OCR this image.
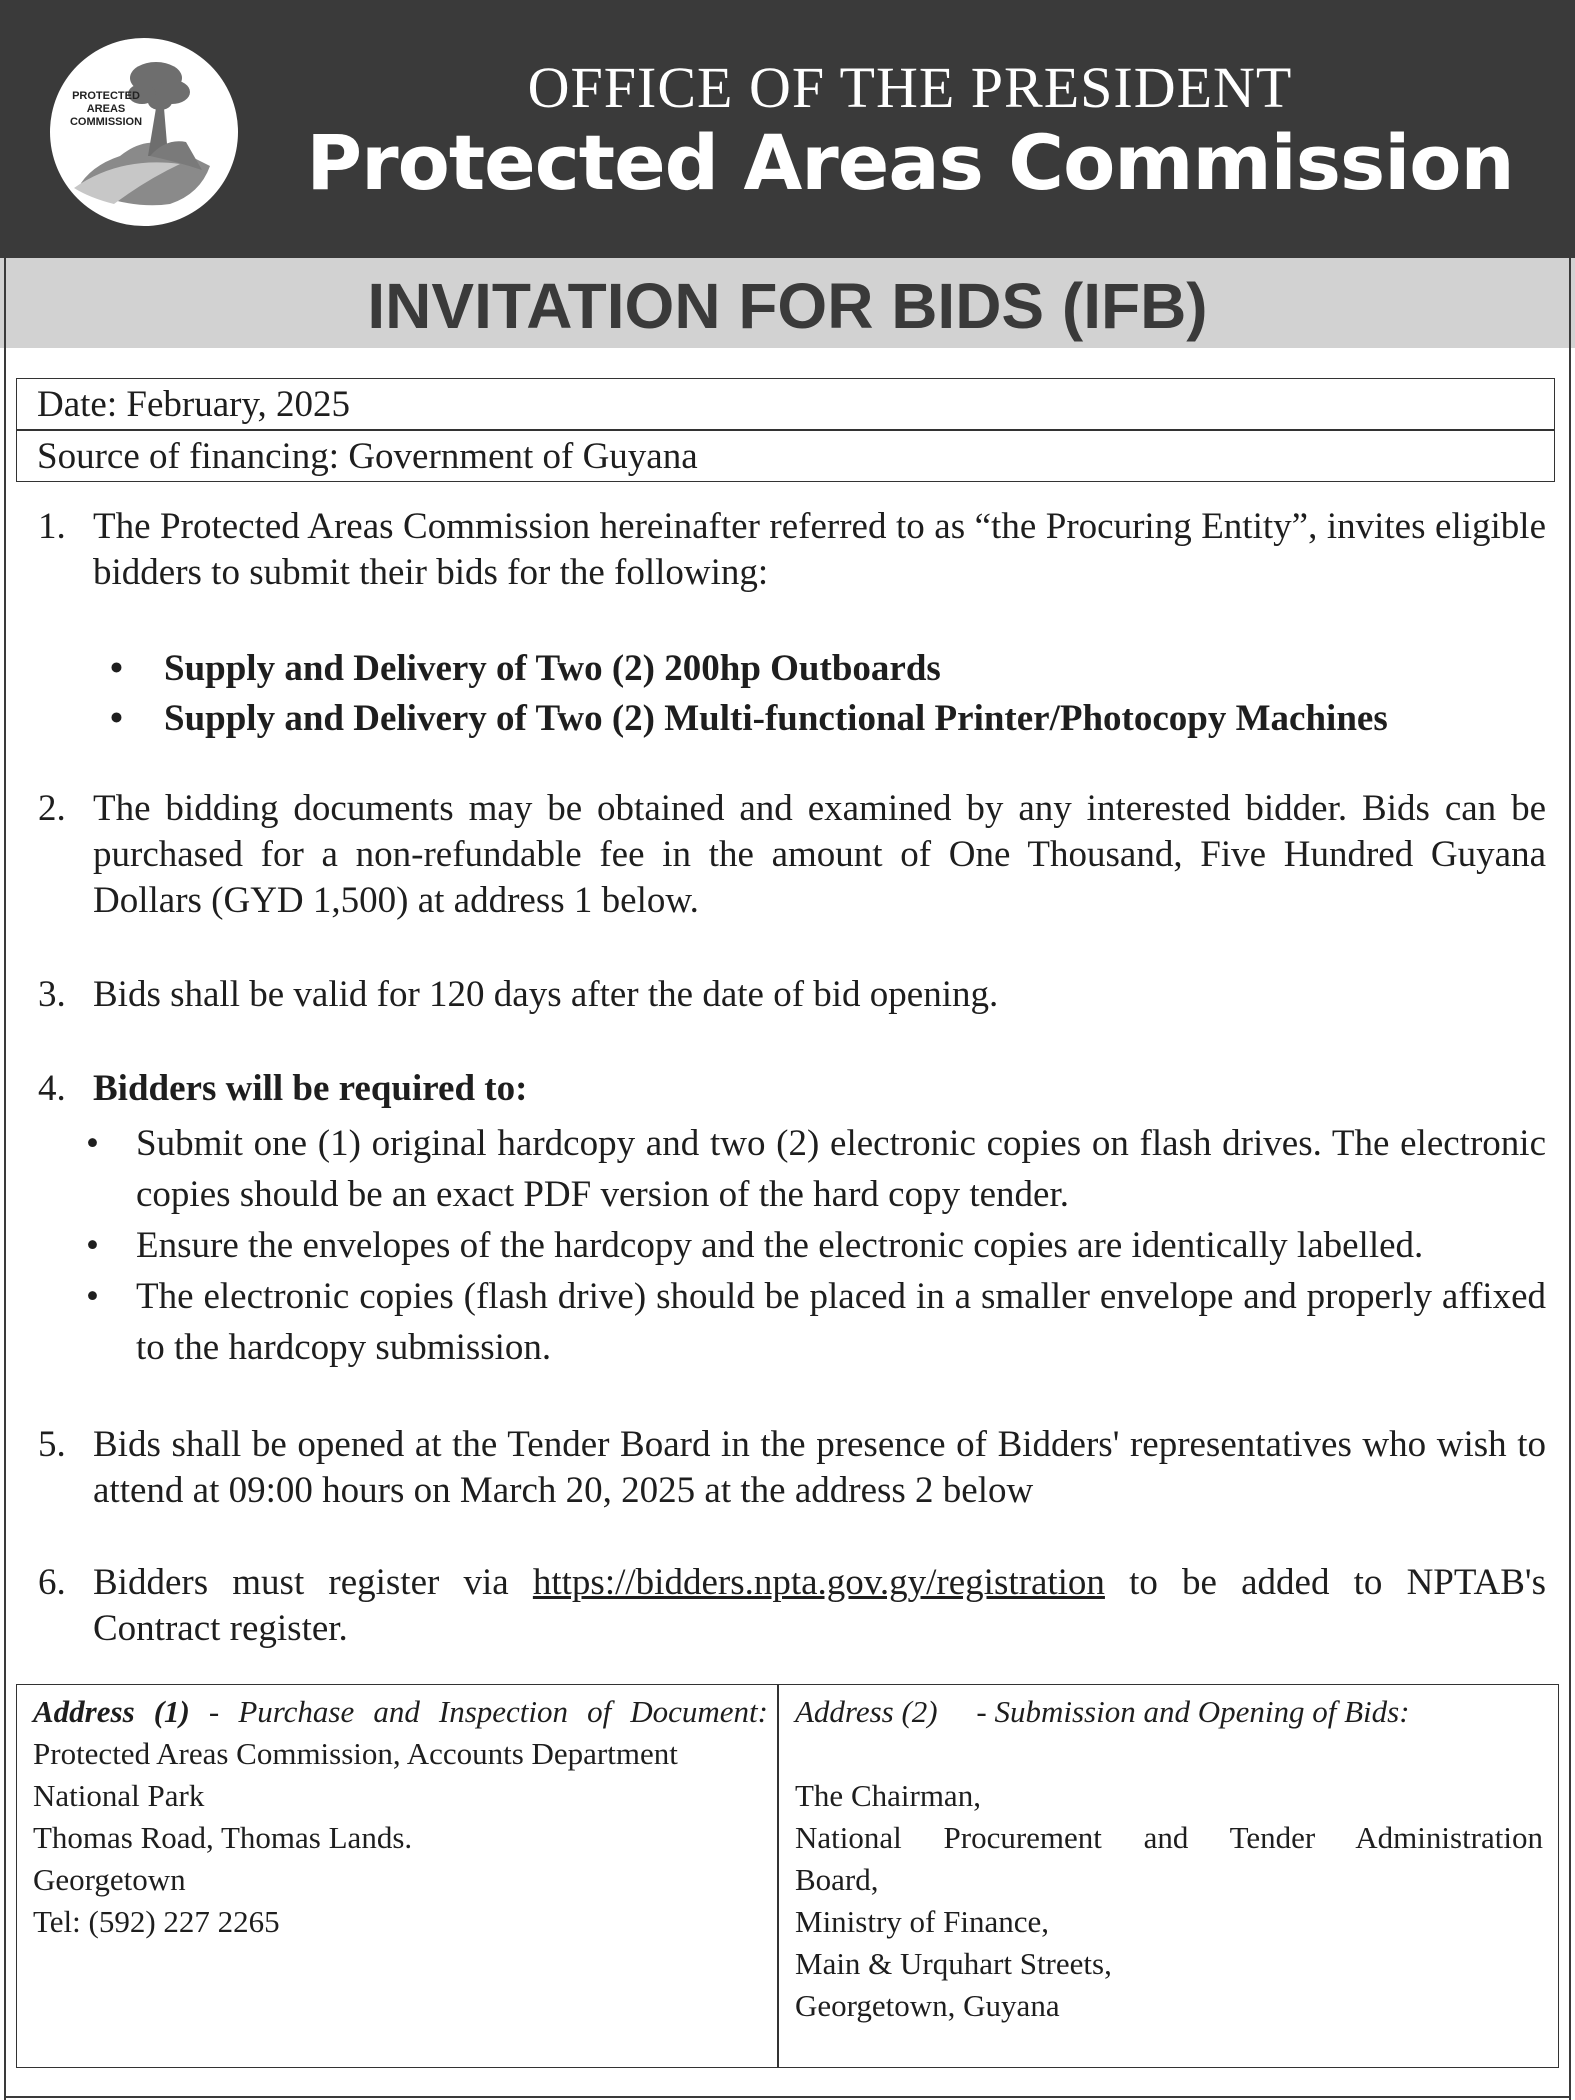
PROTECTED
AREAS
COMMISSION
OFFICE OF THE PRESIDENT
Protected Areas Commission
INVITATION FOR BIDS (IFB)
Date: February, 2025
Source of financing: Government of Guyana
1. The Protected Areas Commission hereinafter referred to as “the Procuring Entity”, invites eligible bidders to submit their bids for the following:
• Supply and Delivery of Two (2) 200hp Outboards
• Supply and Delivery of Two (2) Multi-functional Printer/Photocopy Machines
2. The bidding documents may be obtained and examined by any interested bidder. Bids can be purchased for a non-refundable fee in the amount of One Thousand, Five Hundred Guyana Dollars (GYD 1,500) at address 1 below.
3. Bids shall be valid for 120 days after the date of bid opening.
4. Bidders will be required to:
• Submit one (1) original hardcopy and two (2) electronic copies on flash drives. The electronic copies should be an exact PDF version of the hard copy tender.
• Ensure the envelopes of the hardcopy and the electronic copies are identically labelled.
• The electronic copies (flash drive) should be placed in a smaller envelope and properly affixed to the hardcopy submission.
5. Bids shall be opened at the Tender Board in the presence of Bidders' representatives who wish to attend at 09:00 hours on March 20, 2025 at the address 2 below
6. Bidders must register via https://bidders.npta.gov.gy/registration to be added to NPTAB's Contract register.
Address (1) - Purchase and Inspection of Document:
Protected Areas Commission, Accounts Department
National Park
Thomas Road, Thomas Lands.
Georgetown
Tel: (592) 227 2265
Address (2) - Submission and Opening of Bids:
The Chairman,
National Procurement and Tender Administration
Board,
Ministry of Finance,
Main & Urquhart Streets,
Georgetown, Guyana
